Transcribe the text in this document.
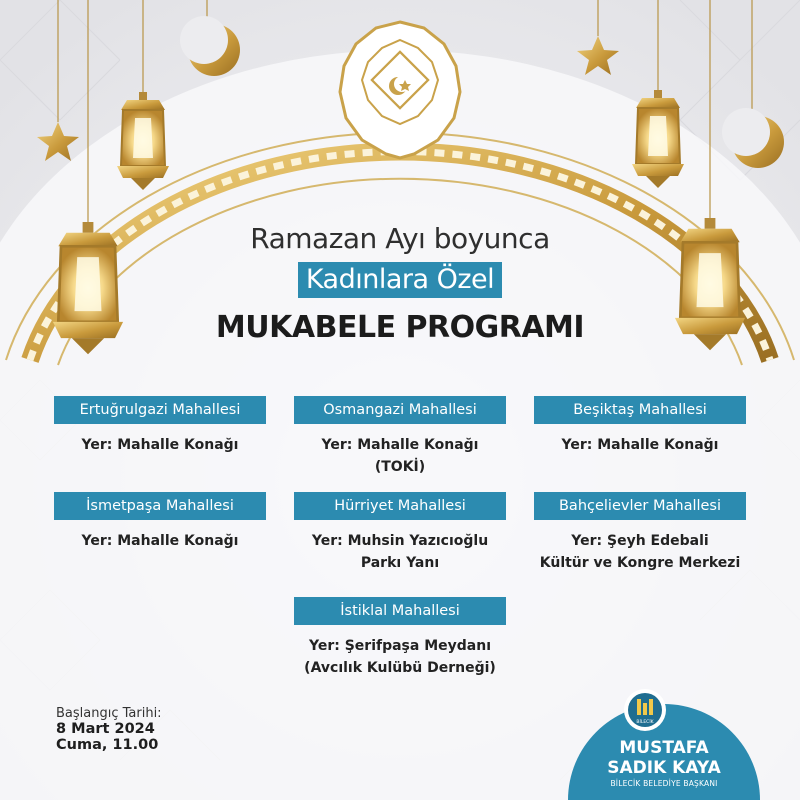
BİLECİK
Ramazan Ayı boyunca
Kadınlara Özel
MUKABELE PROGRAMI
Ertuğrulgazi Mahallesi
Yer: Mahalle Konağı
Osmangazi Mahallesi
Yer: Mahalle Konağı
(TOKİ)
Beşiktaş Mahallesi
Yer: Mahalle Konağı
İsmetpaşa Mahallesi
Yer: Mahalle Konağı
Hürriyet Mahallesi
Yer: Muhsin Yazıcıoğlu
Parkı Yanı
Bahçelievler Mahallesi
Yer: Şeyh Edebali
Kültür ve Kongre Merkezi
İstiklal Mahallesi
Yer: Şerifpaşa Meydanı
(Avcılık Kulübü Derneği)
Başlangıç Tarihi:
8 Mart 2024
Cuma, 11.00	MUSTAFA
SADIK KAYA
BİLECİK BELEDİYE BAŞKANI
